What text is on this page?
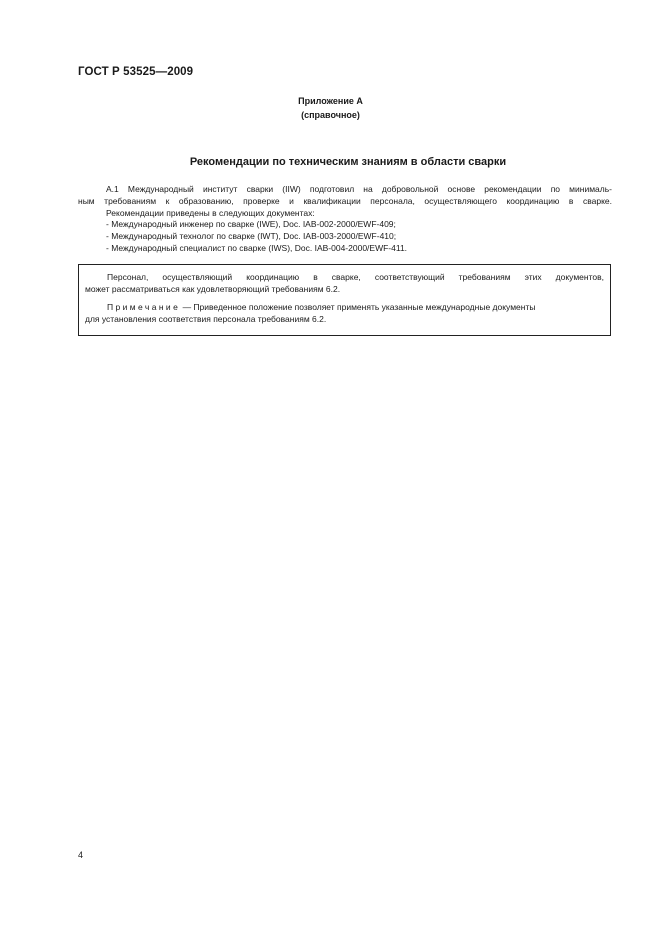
ГОСТ Р 53525—2009
Приложение А
(справочное)
Рекомендации по техническим знаниям в области сварки
А.1 Международный институт сварки (IIW) подготовил на добровольной основе рекомендации по минималь-
ным требованиям к образованию, проверке и квалификации персонала, осуществляющего координацию в сварке.
Рекомендации приведены в следующих документах:
- Международный инженер по сварке (IWE), Doc. IAB-002-2000/EWF-409;
- Международный технолог по сварке (IWT), Doc. IAB-003-2000/EWF-410;
- Международный специалист по сварке (IWS), Doc. IAB-004-2000/EWF-411.
Персонал, осуществляющий координацию в сварке, соответствующий требованиям этих документов,
может рассматриваться как удовлетворяющий требованиям 6.2.
Примечание — Приведенное положение позволяет применять указанные международные документы
для установления соответствия персонала требованиям 6.2.
4
